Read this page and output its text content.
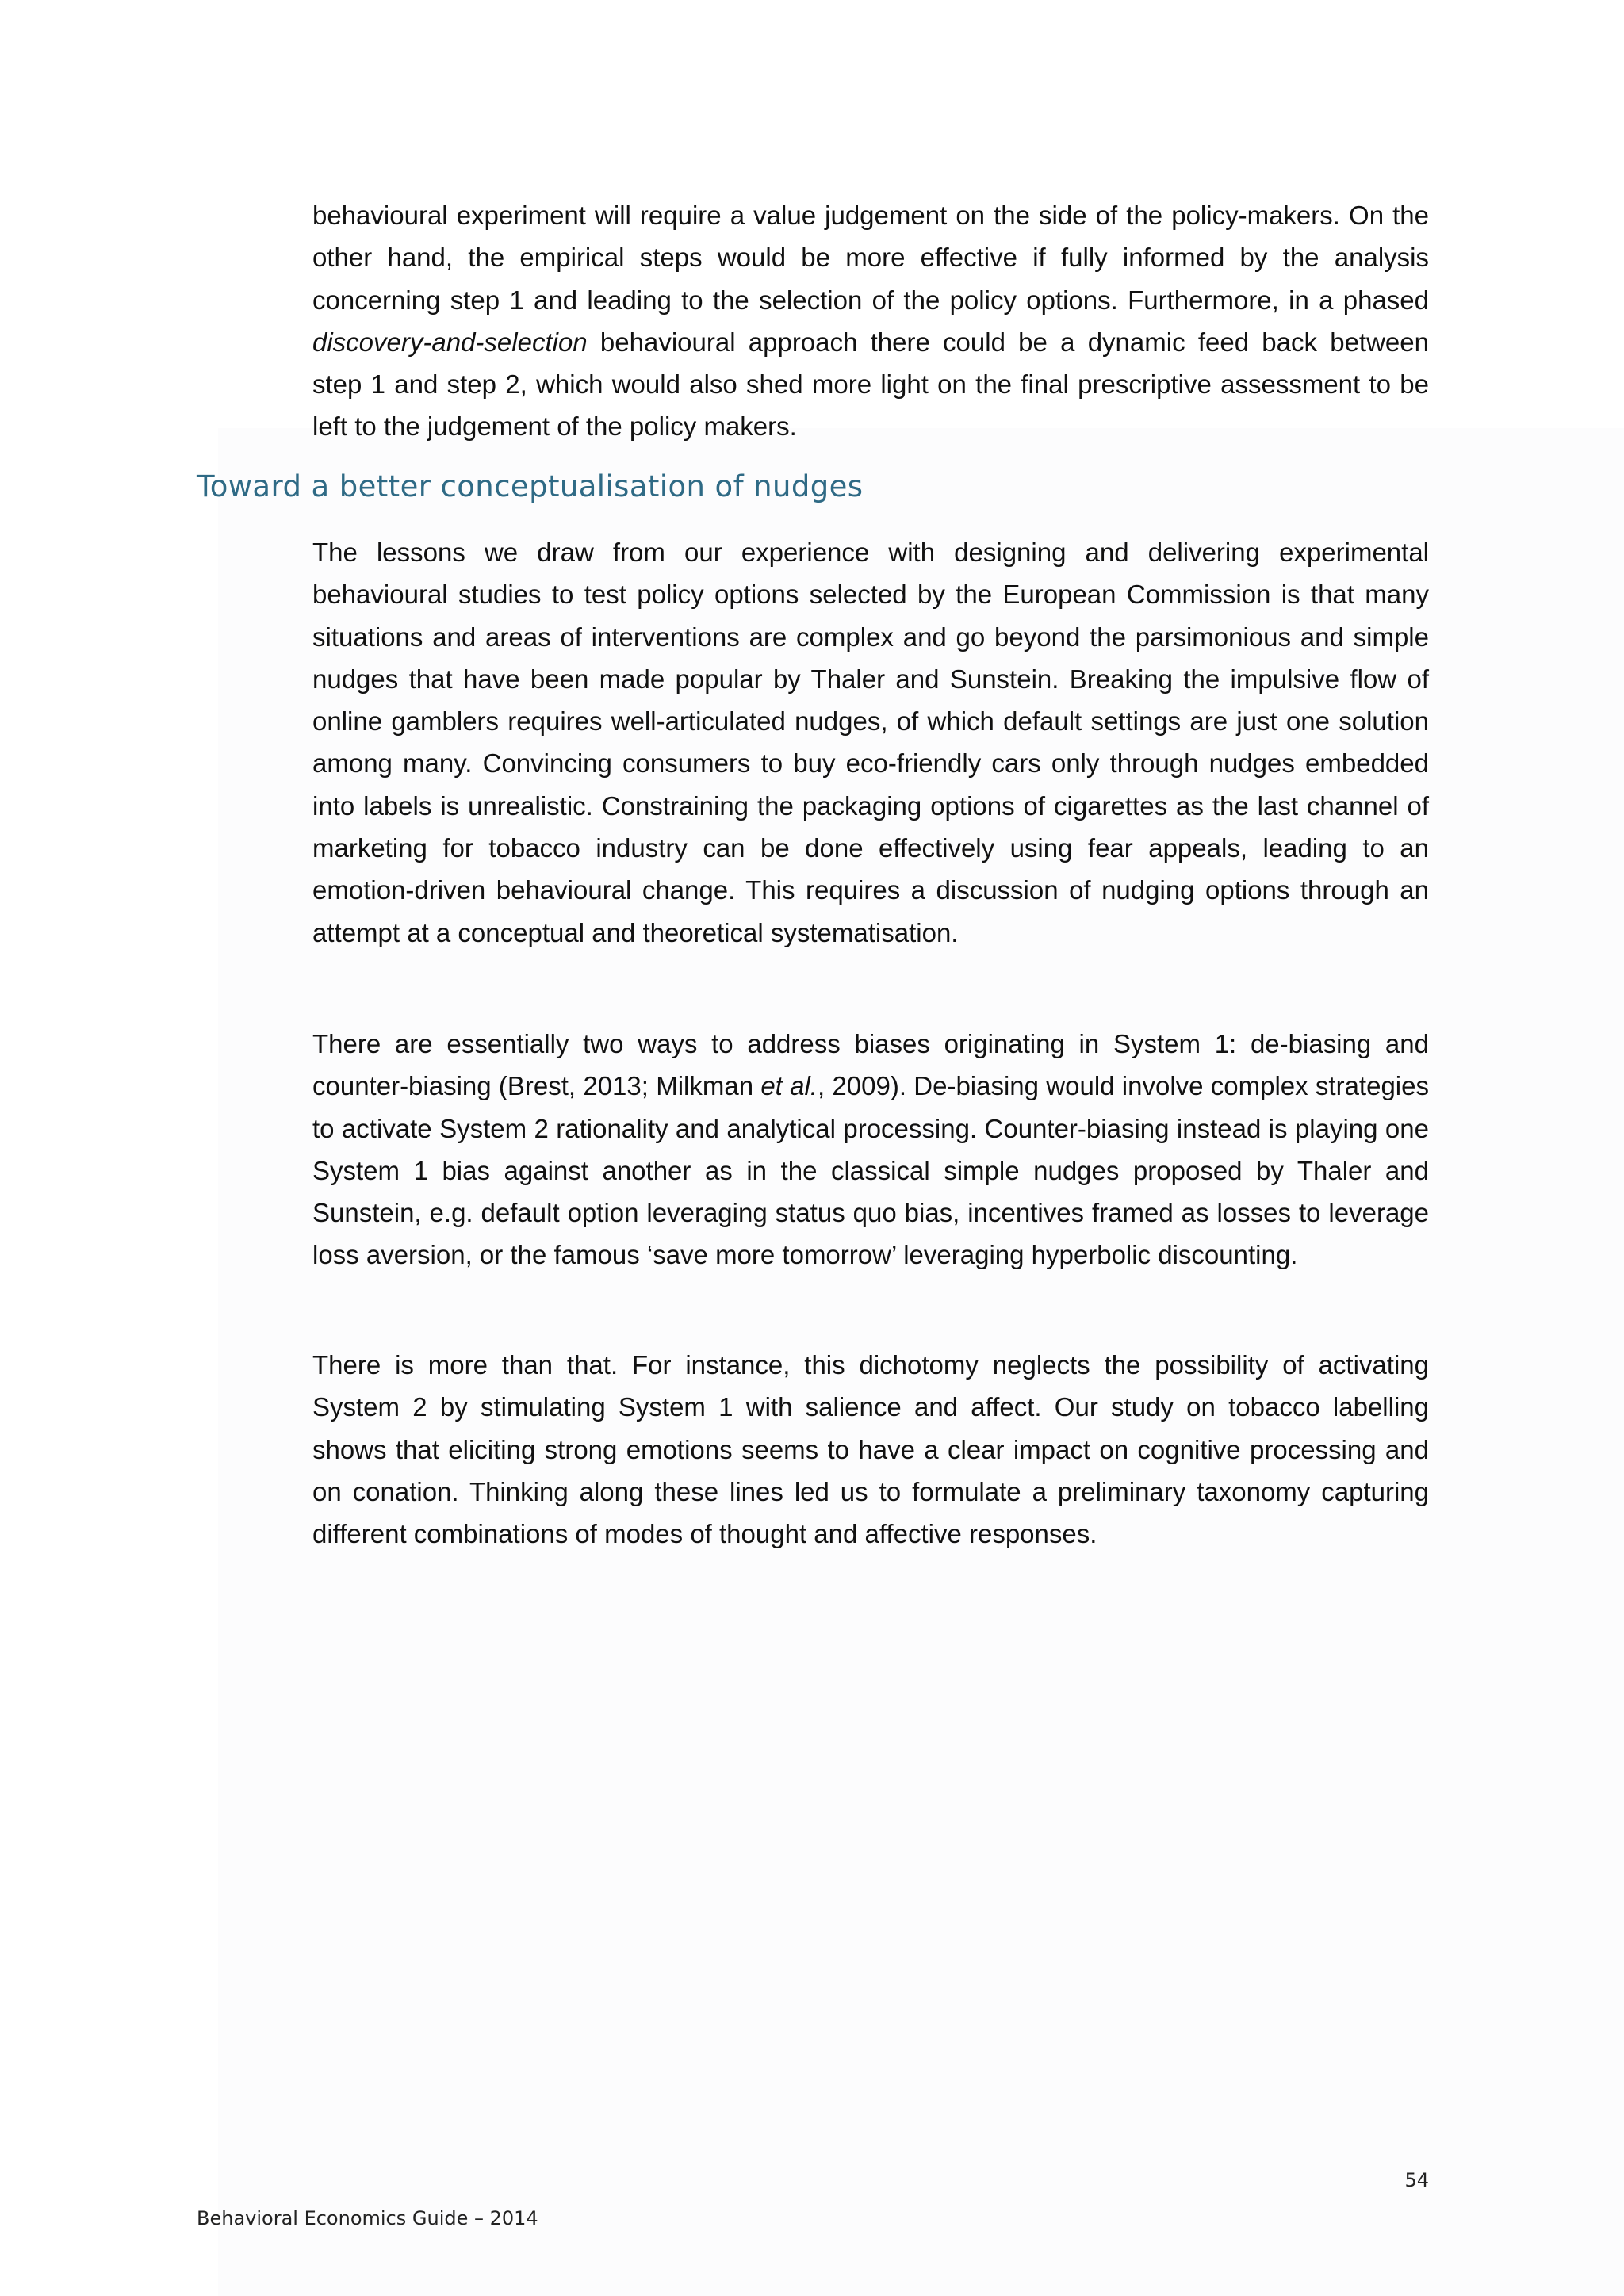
behavioural experiment will require a value judgement on the side of the policy-makers. On the other hand, the empirical steps would be more effective if fully informed by the analysis concerning step 1 and leading to the selection of the policy options. Furthermore, in a phased discovery-and-selection behavioural approach there could be a dynamic feed back between step 1 and step 2, which would also shed more light on the final prescriptive assessment to be left to the judgement of the policy makers.

Toward a better conceptualisation of nudges

The lessons we draw from our experience with designing and delivering experimental behavioural studies to test policy options selected by the European Commission is that many situations and areas of interventions are complex and go beyond the parsimonious and simple nudges that have been made popular by Thaler and Sunstein. Breaking the impulsive flow of online gamblers requires well-articulated nudges, of which default settings are just one solution among many. Convincing consumers to buy eco-friendly cars only through nudges embedded into labels is unrealistic. Constraining the packaging options of cigarettes as the last channel of marketing for tobacco industry can be done effectively using fear appeals, leading to an emotion-driven behavioural change. This requires a discussion of nudging options through an attempt at a conceptual and theoretical systematisation.

There are essentially two ways to address biases originating in System 1: de-biasing and counter-biasing (Brest, 2013; Milkman et al., 2009). De-biasing would involve complex strategies to activate System 2 rationality and analytical processing. Counter-biasing instead is playing one System 1 bias against another as in the classical simple nudges proposed by Thaler and Sunstein, e.g. default option leveraging status quo bias, incentives framed as losses to leverage loss aversion, or the famous ‘save more tomorrow’ leveraging hyperbolic discounting.

There is more than that. For instance, this dichotomy neglects the possibility of activating System 2 by stimulating System 1 with salience and affect. Our study on tobacco labelling shows that eliciting strong emotions seems to have a clear impact on cognitive processing and on conation. Thinking along these lines led us to formulate a preliminary taxonomy capturing different combinations of modes of thought and affective responses.

54
Behavioral Economics Guide – 2014
